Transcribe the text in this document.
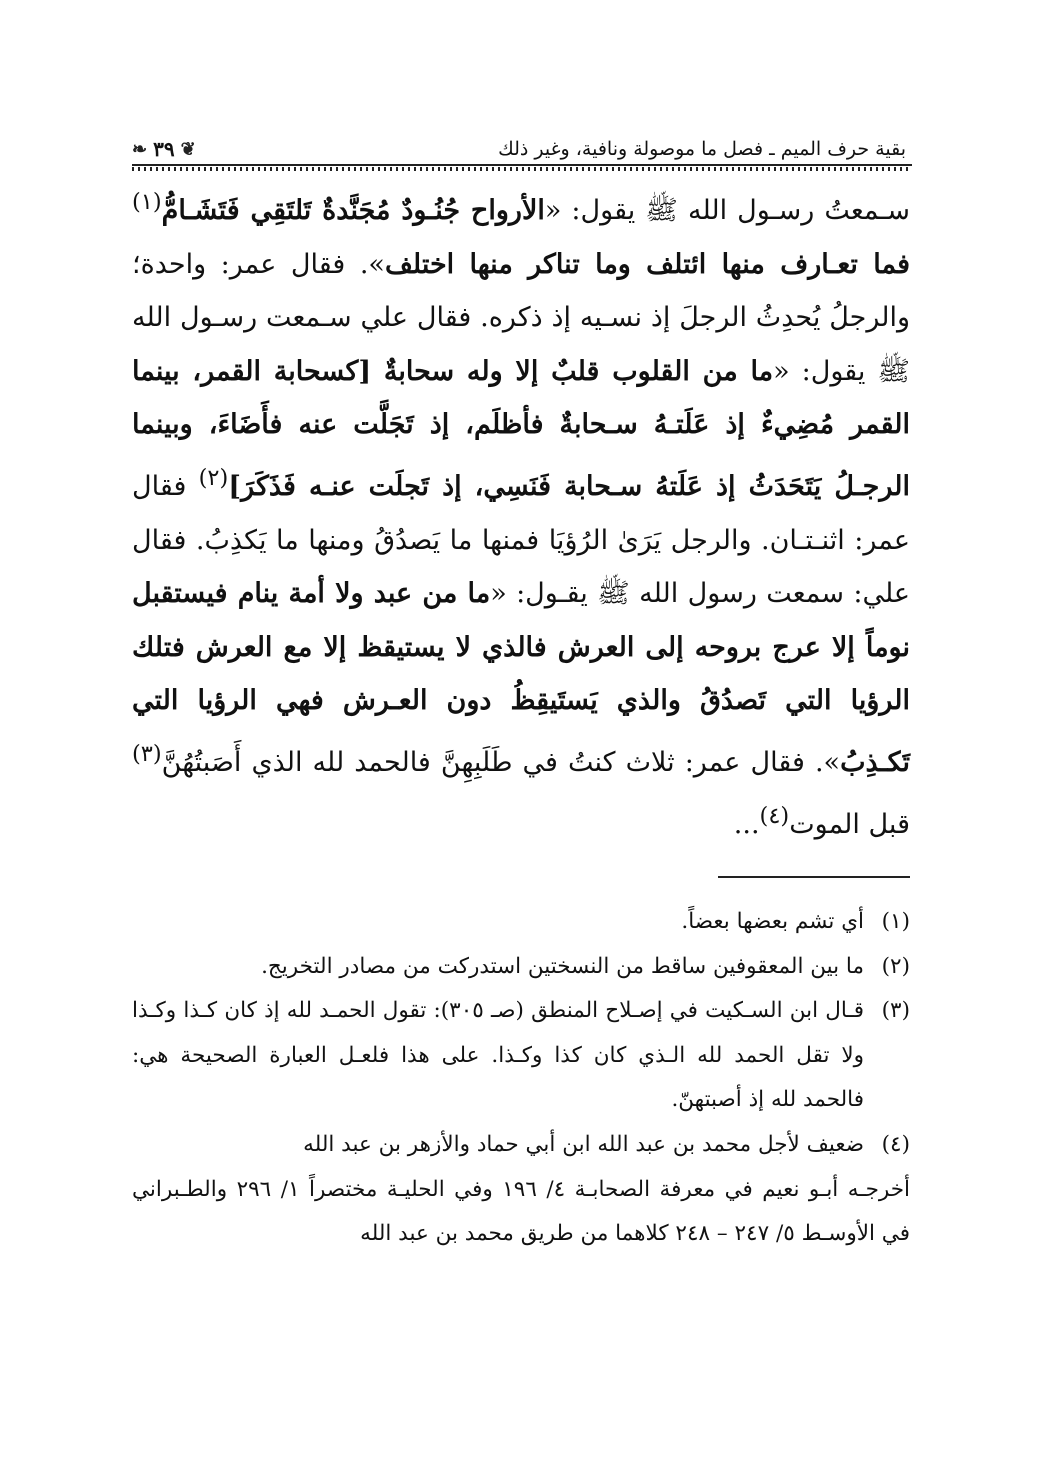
بقية حرف الميم ـ فصل ما موصولة ونافية، وغير ذلك
❦
٣٩
❧

سـمعتُ رسـول الله ﷺ يقول: «الأرواح جُنُـودٌ مُجَنَّدةٌ تَلتَقِي فَتَشَـامُّ$^{(١)}$ فما تعـارف منها ائتلف وما تناكر منها اختلف». فقال عمر: واحدة؛ والرجلُ يُحدِثُ الرجلَ إذ نسـيه إذ ذكره. فقال علي سـمعت رسـول الله ﷺ يقول: «ما من القلوب قلبٌ إلا وله سحابةٌ [كسحابة القمر، بينما القمر مُضِيءٌ إذ عَلَتـهُ سـحابةٌ فأظلَم، إذ تَجَلَّت عنه فأَضَاءَ، وبينما الرجـلُ يَتَحَدَثُ إذ عَلَتهُ سـحابة فَنَسِي، إذ تَجلَت عنـه فَذَكَرَ]$^{(٢)}$ فقال عمر: اثنـتـان. والرجل يَرَىٰ الرُؤيَا فمنها ما يَصدُقُ ومنها ما يَكذِبُ. فقال علي: سمعت رسول الله ﷺ يقـول: «ما من عبد ولا أمة ينام فيستقبل نوماً إلا عرج بروحه إلى العرش فالذي لا يستيقظ إلا مع العرش فتلك الرؤيا التي تَصدُقُ والذي يَستَيقِظُ دون العـرش فهي الرؤيا التي تَكـذِبُ». فقال عمر: ثلاث كنتُ في طَلَبِهِنَّ فالحمد لله الذي أَصَبتُهُنَّ$^{(٣)}$ قبل الموت$^{(٤)}$...

(١)
أي تشم بعضها بعضاً.
(٢)
ما بين المعقوفين ساقط من النسختين استدركت من مصادر التخريج.
(٣)
قـال ابن السـكيت في إصـلاح المنطق (صـ ٣٠٥): تقول الحمـد لله إذ كان كـذا وكـذا ولا تقل الحمد لله الـذي كان كذا وكـذا. على هذا فلعـل العبارة الصحيحة هي: فالحمد لله إذ أصبتهنّ.
(٤)
ضعيف لأجل محمد بن عبد الله ابن أبي حماد والأزهر بن عبد الله

أخرجـه أبـو نعيم في معرفة الصحابـة ٤/ ١٩٦ وفي الحليـة مختصراً ١/ ٢٩٦ والطـبراني في الأوسـط ٥/ ٢٤٧ – ٢٤٨ كلاهما من طريق محمد بن عبد الله
